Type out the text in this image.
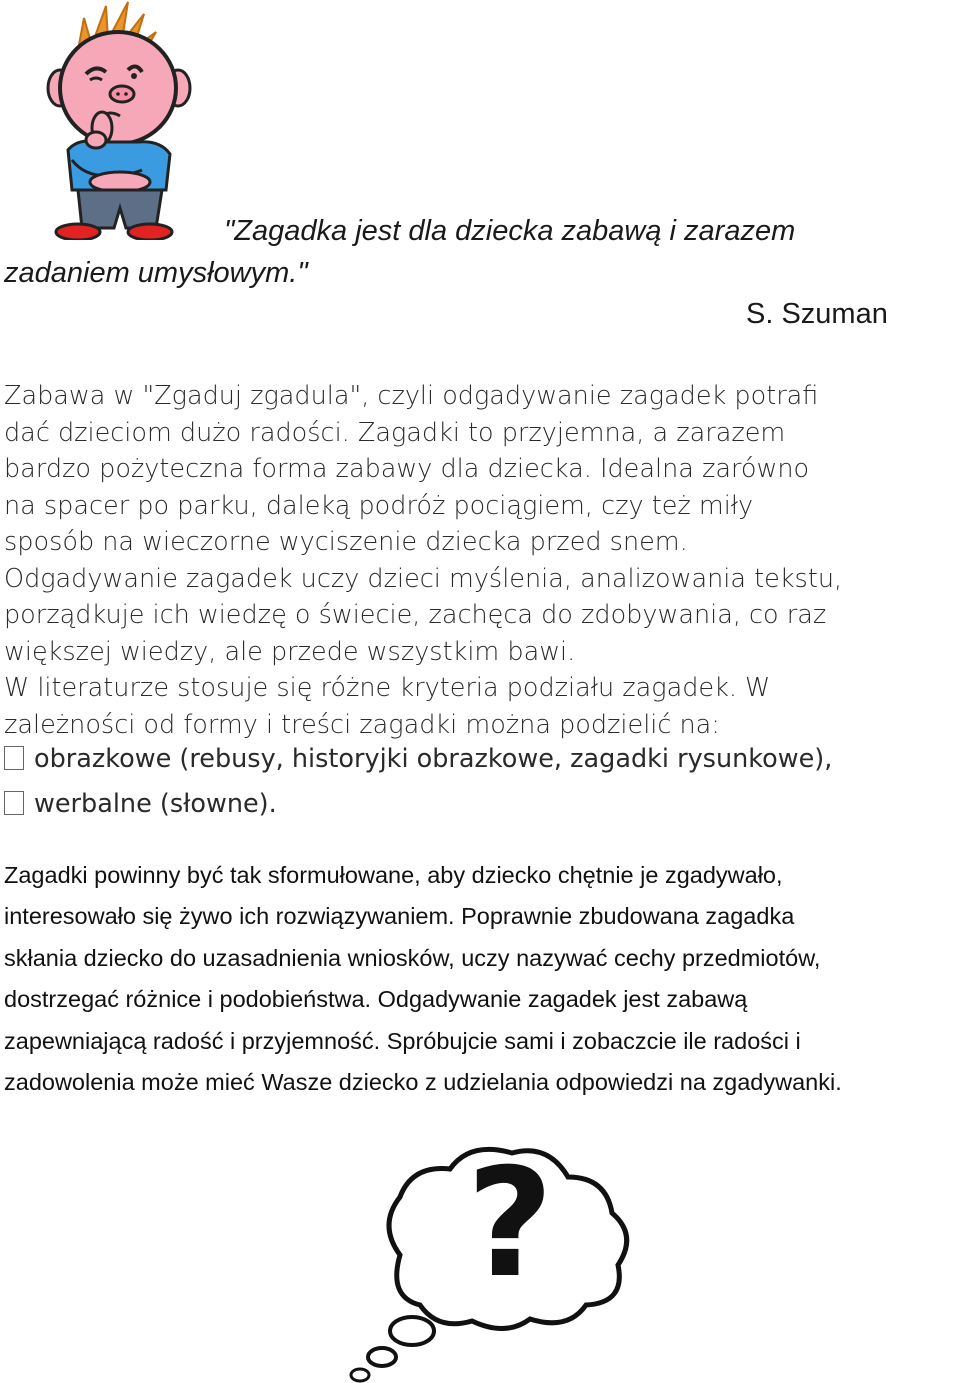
"Zagadka jest dla dziecka zabawą i zarazem
zadaniem umysłowym."
S. Szuman

Zabawa w "Zgaduj zgadula", czyli odgadywanie zagadek potrafi

dać dzieciom dużo radości. Zagadki to przyjemna, a zarazem

bardzo pożyteczna forma zabawy dla dziecka. Idealna zarówno

na spacer po parku, daleką podróż pociągiem, czy też miły

sposób na wieczorne wyciszenie dziecka przed snem.

Odgadywanie zagadek uczy dzieci myślenia, analizowania tekstu,

porządkuje ich wiedzę o świecie, zachęca do zdobywania, co raz

większej wiedzy, ale przede wszystkim bawi.

W literaturze stosuje się różne kryteria podziału zagadek. W

zależności od formy i treści zagadki można podzielić na:

obrazkowe (rebusy, historyjki obrazkowe, zagadki rysunkowe),
werbalne (słowne).

Zagadki powinny być tak sformułowane, aby dziecko chętnie je zgadywało,

interesowało się żywo ich rozwiązywaniem. Poprawnie zbudowana zagadka

skłania dziecko do uzasadnienia wniosków, uczy nazywać cechy przedmiotów,

dostrzegać różnice i podobieństwa. Odgadywanie zagadek jest zabawą

zapewniającą radość i przyjemność. Spróbujcie sami i zobaczcie ile radości i

zadowolenia może mieć Wasze dziecko z udzielania odpowiedzi na zgadywanki.

?
